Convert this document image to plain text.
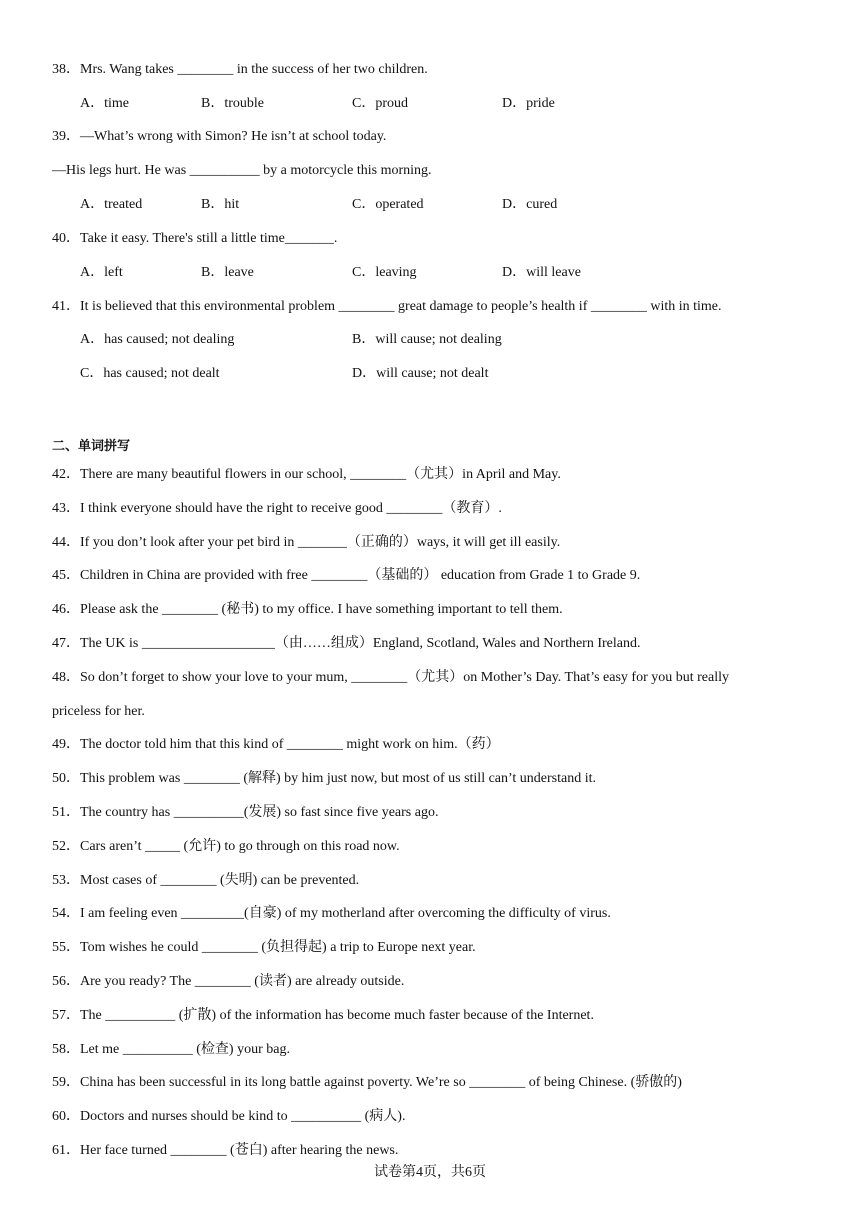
38．Mrs. Wang takes ________ in the success of her two children.
A．time	B．trouble	C．proud	D．pride
39．—What’s wrong with Simon? He isn’t at school today.
—His legs hurt. He was __________ by a motorcycle this morning.
A．treated	B．hit	C．operated	D．cured
40．Take it easy. There's still a little time_______.
A．left	B．leave	C．leaving	D．will leave
41．It is believed that this environmental problem ________ great damage to people’s health if ________ with in time.
A．has caused; not dealing	B．will cause; not dealing
C．has caused; not dealt	D．will cause; not dealt
二、单词拼写
42．There are many beautiful flowers in our school, ________（尤其）in April and May.
43．I think everyone should have the right to receive good ________（教育）.
44．If you don’t look after your pet bird in _______（正确的）ways, it will get ill easily.
45．Children in China are provided with free ________（基础的） education from Grade 1 to Grade 9.
46．Please ask the ________ (秘书) to my office. I have something important to tell them.
47．The UK is ___________________（由……组成）England, Scotland, Wales and Northern Ireland.
48．So don’t forget to show your love to your mum, ________（尤其）on Mother’s Day. That’s easy for you but really
priceless for her.
49．The doctor told him that this kind of ________ might work on him.（药）
50．This problem was ________ (解释) by him just now, but most of us still can’t understand it.
51．The country has __________(发展) so fast since five years ago.
52．Cars aren’t _____ (允许) to go through on this road now.
53．Most cases of ________ (失明) can be prevented.
54．I am feeling even _________(自豪) of my motherland after overcoming the difficulty of virus.
55．Tom wishes he could ________ (负担得起) a trip to Europe next year.
56．Are you ready? The ________ (读者) are already outside.
57．The __________ (扩散) of the information has become much faster because of the Internet.
58．Let me __________ (检查) your bag.
59．China has been successful in its long battle against poverty. We’re so ________ of being Chinese. (骄傲的)
60．Doctors and nurses should be kind to __________ (病人).
61．Her face turned ________ (苍白) after hearing the news.
试卷第4页，共6页
